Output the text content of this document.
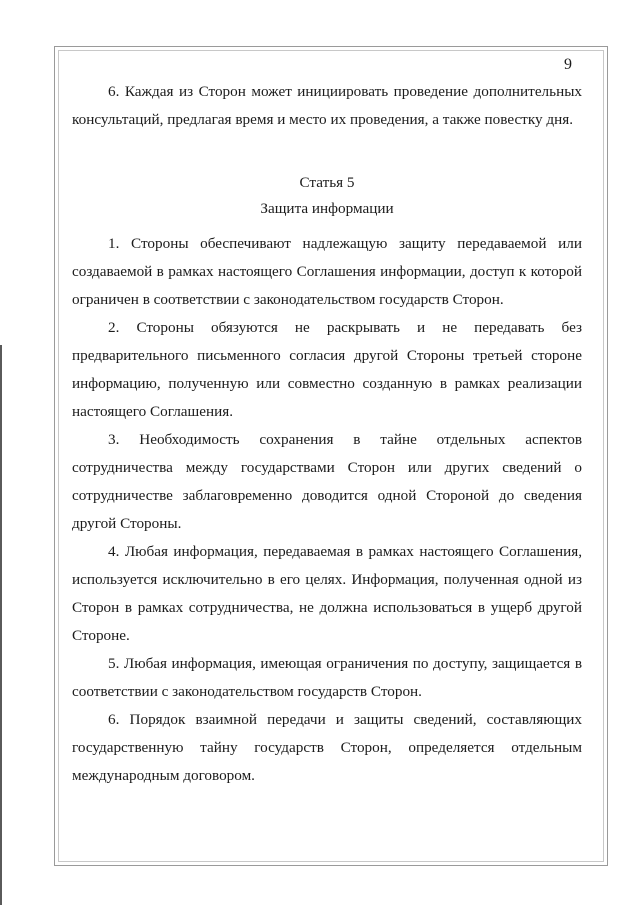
9

6. Каждая из Сторон может инициировать проведение дополнительных консультаций, предлагая время и место их проведения, а также повестку дня.

Статья 5

Защита информации

1. Стороны обеспечивают надлежащую защиту передаваемой или создаваемой в рамках настоящего Соглашения информации, доступ к которой ограничен в соответствии с законодательством государств Сторон.

2. Стороны обязуются не раскрывать и не передавать без предварительного письменного согласия другой Стороны третьей стороне информацию, полученную или совместно созданную в рамках реализации настоящего Соглашения.

3. Необходимость сохранения в тайне отдельных аспектов сотрудничества между государствами Сторон или других сведений о сотрудничестве заблаговременно доводится одной Стороной до сведения другой Стороны.

4. Любая информация, передаваемая в рамках настоящего Соглашения, используется исключительно в его целях. Информация, полученная одной из Сторон в рамках сотрудничества, не должна использоваться в ущерб другой Стороне.

5. Любая информация, имеющая ограничения по доступу, защищается в соответствии с законодательством государств Сторон.

6. Порядок взаимной передачи и защиты сведений, составляющих государственную тайну государств Сторон, определяется отдельным международным договором.
